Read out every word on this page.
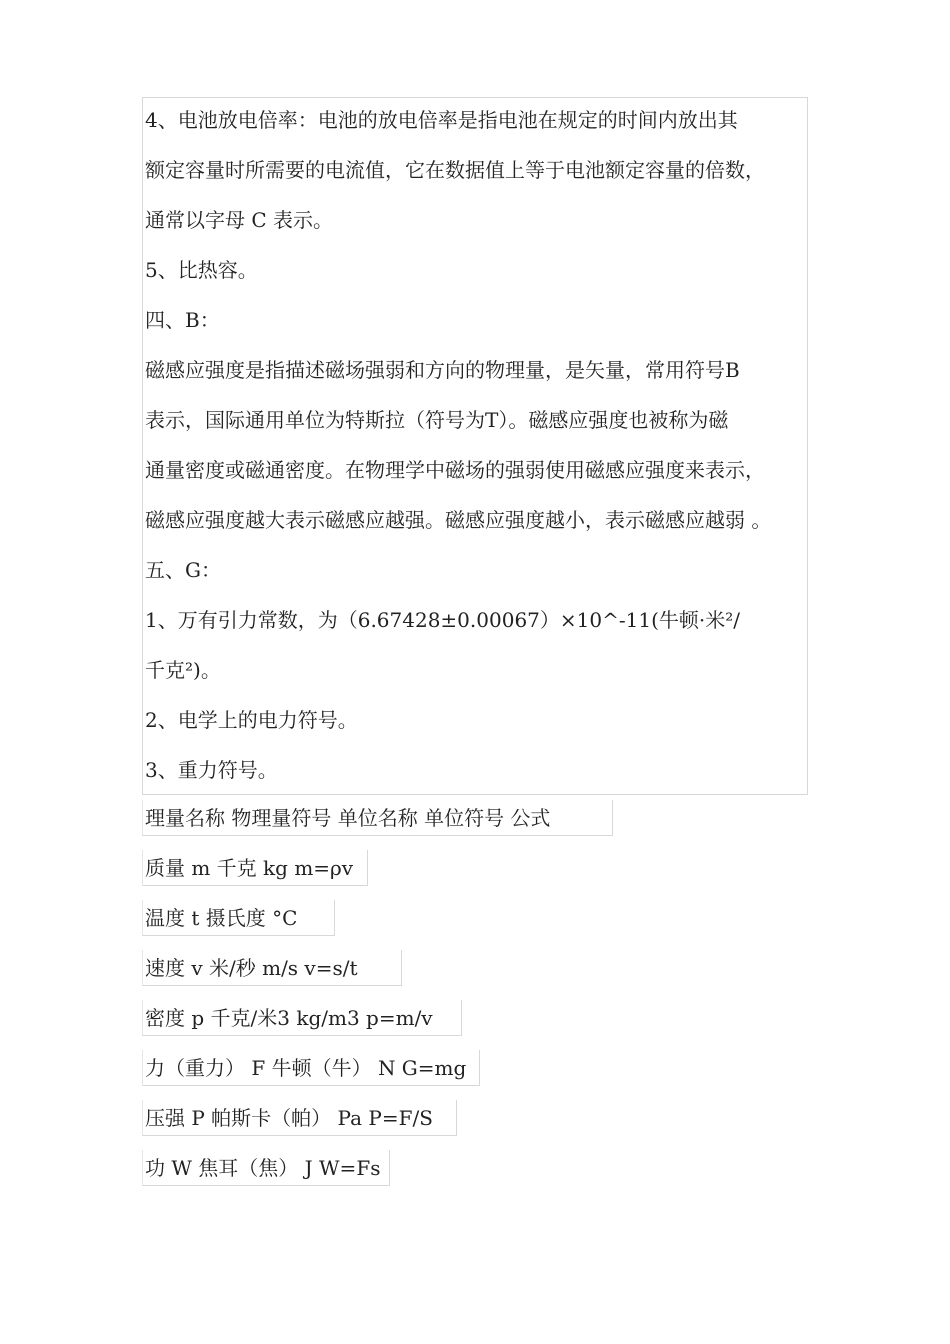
4、电池放电倍率：电池的放电倍率是指电池在规定的时间内放出其
额定容量时所需要的电流值，它在数据值上等于电池额定容量的倍数，
通常以字母 C 表示。
5、比热容。
四、B：
磁感应强度是指描述磁场强弱和方向的物理量，是矢量，常用符号B
表示，国际通用单位为特斯拉（符号为T）。磁感应强度也被称为磁
通量密度或磁通密度。在物理学中磁场的强弱使用磁感应强度来表示，
磁感应强度越大表示磁感应越强。磁感应强度越小，表示磁感应越弱 。
五、G：
1、万有引力常数，为（6.67428±0.00067）×10^-11(牛顿·米²/
千克²)。
2、电学上的电力符号。
3、重力符号。
理量名称 物理量符号 单位名称 单位符号 公式
质量 m 千克 kg m=ρv
温度 t 摄氏度 °C
速度 v 米/秒 m/s v=s/t
密度 p 千克/米3 kg/m3 p=m/v
力（重力） F 牛顿（牛） N G=mg
压强 P 帕斯卡（帕） Pa P=F/S
功 W 焦耳（焦） J W=Fs
